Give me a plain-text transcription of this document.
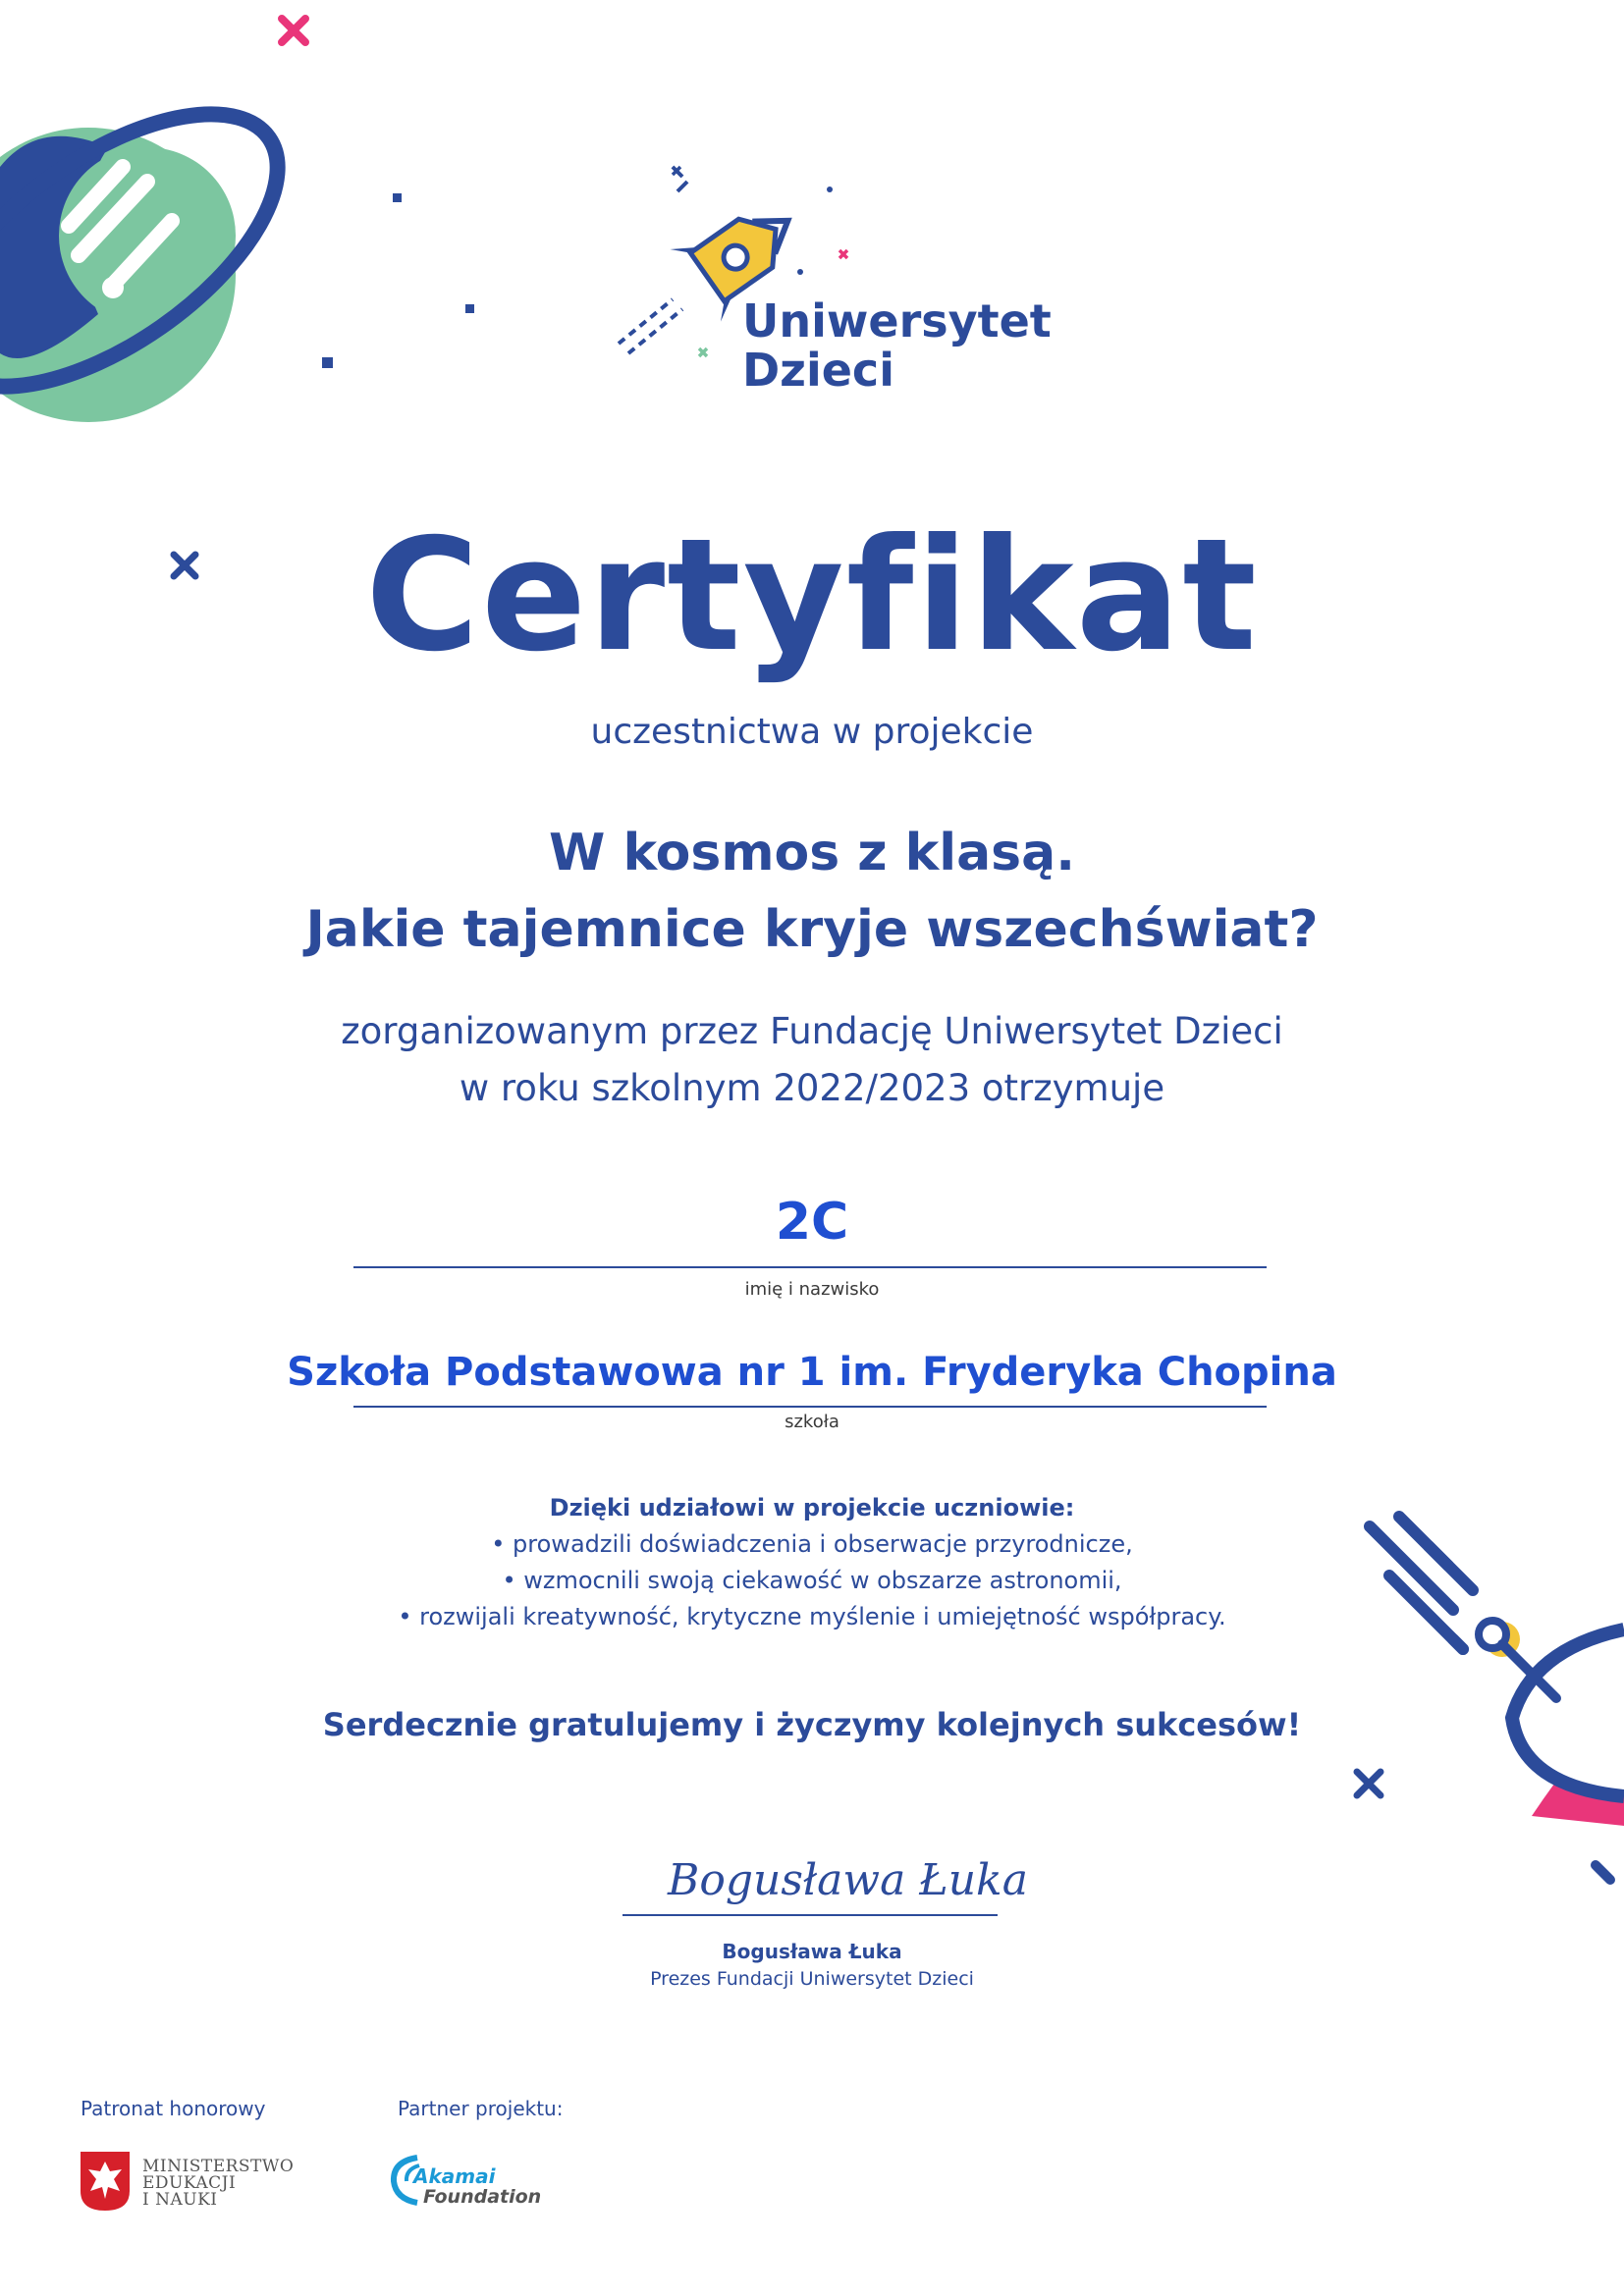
Uniwersytet
Dzieci
Certyfikat
uczestnictwa w projekcie
W kosmos z klasą.
Jakie tajemnice kryje wszechświat?
zorganizowanym przez Fundację Uniwersytet Dzieci
w roku szkolnym 2022/2023 otrzymuje
2C
imię i nazwisko
Szkoła Podstawowa nr 1 im. Fryderyka Chopina
szkoła
Dzięki udziałowi w projekcie uczniowie:
• prowadzili doświadczenia i obserwacje przyrodnicze,
• wzmocnili swoją ciekawość w obszarze astronomii,
• rozwijali kreatywność, krytyczne myślenie i umiejętność współpracy.
Serdecznie gratulujemy i życzymy kolejnych sukcesów!
Bogusława Łuka
Bogusława Łuka
Prezes Fundacji Uniwersytet Dzieci
Patronat honorowy
MINISTERSTWO
EDUKACJI
I NAUKI
Partner projektu:
Akamai
Foundation
